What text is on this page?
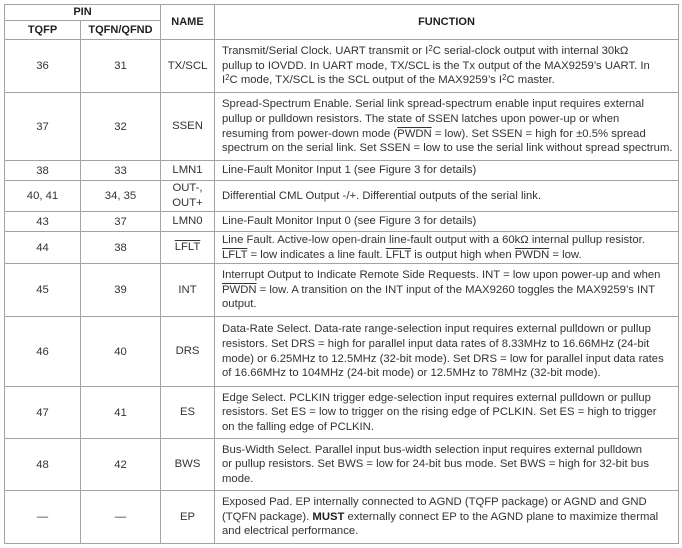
PIN		NAME	FUNCTION
TQFP	TQFN/QFND		
36	31	TX/SCL	Transmit/Serial Clock. UART transmit or $I^2C$ serial-clock output with internal 30kΩ
pullup to IOVDD. In UART mode, TX/SCL is the Tx output of the MAX9259’s UART. In
$I^2C$ mode, TX/SCL is the SCL output of the MAX9259’s $I^2C$ master.

37	32	SSEN	Spread-Spectrum Enable. Serial link spread-spectrum enable input requires external
pullup or pulldown resistors. The state of SSEN latches upon power-up or when
resuming from power-down mode (PWDN = low). Set SSEN = high for ±0.5% spread
spectrum on the serial link. Set SSEN = low to use the serial link without spread spectrum.

38	33	LMN1	Line-Fault Monitor Input 1 (see Figure 3 for details)

40, 41	34, 35	OUT-,
OUT+	Differential CML Output -/+. Differential outputs of the serial link.

43	37	LMN0	Line-Fault Monitor Input 0 (see Figure 3 for details)

44	38	LFLT	Line Fault. Active-low open-drain line-fault output with a 60kΩ internal pullup resistor.
LFLT = low indicates a line fault. LFLT is output high when PWDN = low.

45	39	INT	Interrupt Output to Indicate Remote Side Requests. INT = low upon power-up and when
PWDN = low. A transition on the INT input of the MAX9260 toggles the MAX9259’s INT
output.

46	40	DRS	Data-Rate Select. Data-rate range-selection input requires external pulldown or pullup
resistors. Set DRS = high for parallel input data rates of 8.33MHz to 16.66MHz (24-bit
mode) or 6.25MHz to 12.5MHz (32-bit mode). Set DRS = low for parallel input data rates
of 16.66MHz to 104MHz (24-bit mode) or 12.5MHz to 78MHz (32-bit mode).

47	41	ES	Edge Select. PCLKIN trigger edge-selection input requires external pulldown or pullup
resistors. Set ES = low to trigger on the rising edge of PCLKIN. Set ES = high to trigger
on the falling edge of PCLKIN.

48	42	BWS	Bus-Width Select. Parallel input bus-width selection input requires external pulldown
or pullup resistors. Set BWS = low for 24-bit bus mode. Set BWS = high for 32-bit bus
mode.

—	—	EP	Exposed Pad. EP internally connected to AGND (TQFP package) or AGND and GND
(TQFN package). MUST externally connect EP to the AGND plane to maximize thermal
and electrical performance.
